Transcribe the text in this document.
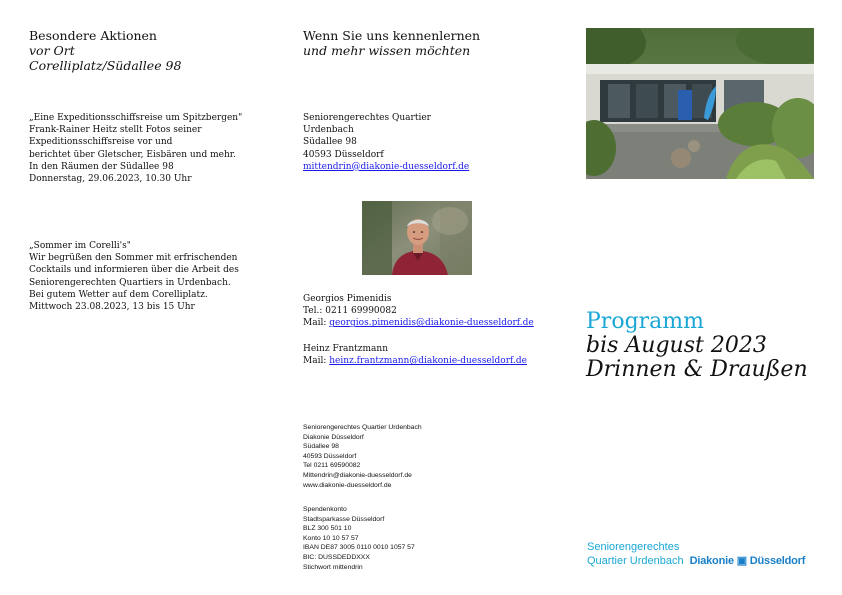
Besondere Aktionen
vor Ort
Corelliplatz/Südallee 98
„Eine Expeditionsschiffsreise um Spitzbergen"
Frank-Rainer Heitz stellt Fotos seiner
Expeditionsschiffsreise vor und
berichtet über Gletscher, Eisbären und mehr.
In den Räumen der Südallee 98
Donnerstag, 29.06.2023, 10.30 Uhr
„Sommer im Corelli's"
Wir begrüßen den Sommer mit erfrischenden
Cocktails und informieren über die Arbeit des
Seniorengerechten Quartiers in Urdenbach.
Bei gutem Wetter auf dem Corelliplatz.
Mittwoch 23.08.2023, 13 bis 15 Uhr
Wenn Sie uns kennenlernen
und mehr wissen möchten
Seniorengerechtes Quartier
Urdenbach
Südallee 98
40593 Düsseldorf
mittendrin@diakonie-duesseldorf.de
Georgios Pimenidis
Tel.: 0211 69990082
Mail: georgios.pimenidis@diakonie-duesseldorf.de
Heinz Frantzmann
Mail: heinz.frantzmann@diakonie-duesseldorf.de
Seniorengerechtes Quartier Urdenbach
Diakonie Düsseldorf
Südallee 98
40593 Düsseldorf
Tel 0211 69590082
Mittendrin@diakonie-duesseldorf.de
www.diakonie-duesseldorf.de
Spendenkonto
Stadtsparkasse Düsseldorf
BLZ 300 501 10
Konto 10 10 57 57
IBAN DE87 3005 0110 0010 1057 57
BIC: DUSSDEDDXXX
Stichwort mittendrin
Programm
bis August 2023
Drinnen & Draußen
Seniorengerechtes
Quartier Urdenbach Diakonie ▣ Düsseldorf
